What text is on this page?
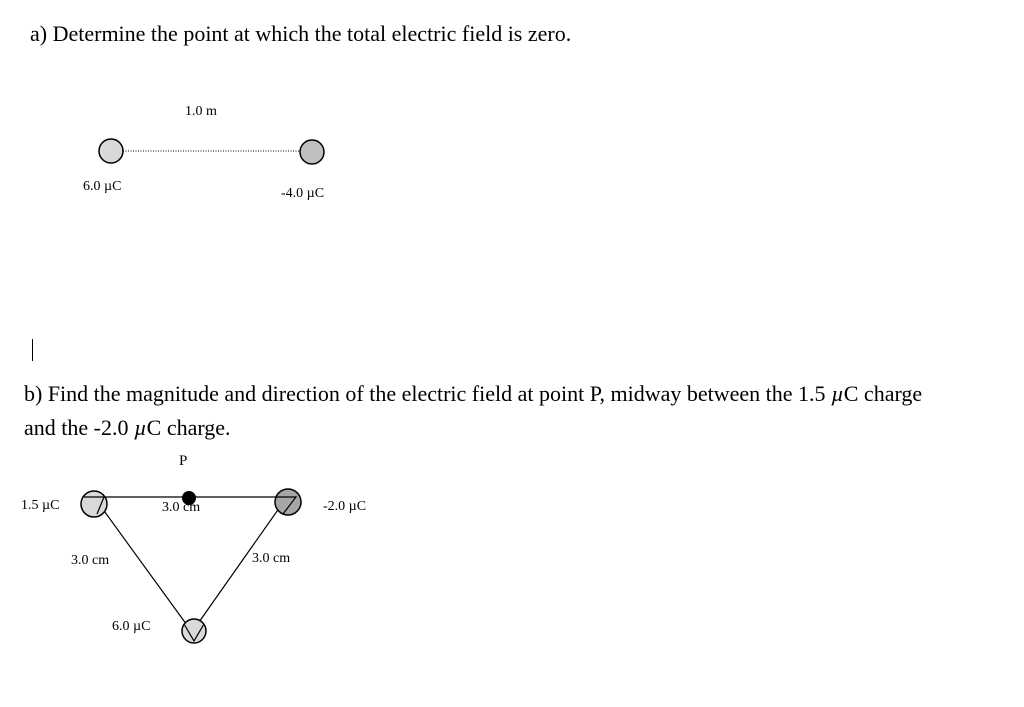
a) Determine the point at which the total electric field is zero.
1.0 m
6.0 µC	-4.0 µC
b) Find the magnitude and direction of the electric field at point P, midway between the 1.5 µC charge
and the -2.0 µC charge.
P
1.5 µC	-2.0 µC
3.0 cm
3.0 cm	3.0 cm
6.0 µC
